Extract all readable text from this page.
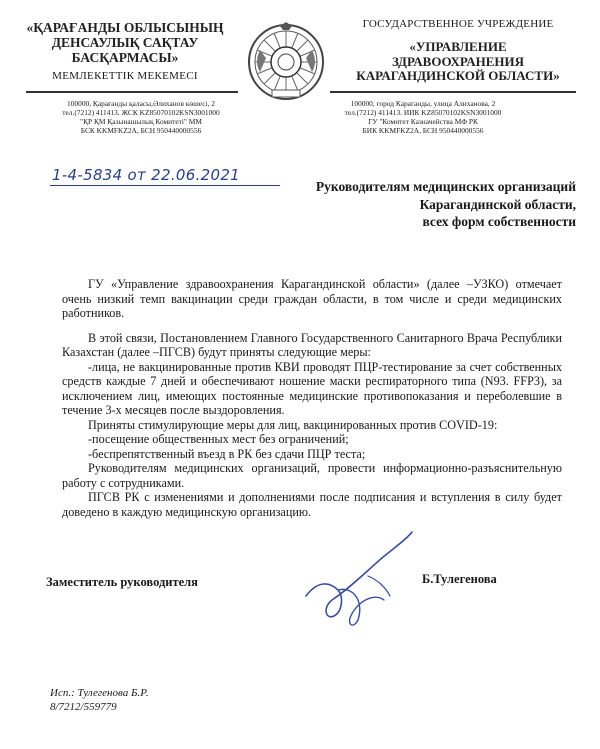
«ҚАРАҒАНДЫ ОБЛЫСЫНЫҢ
ДЕНСАУЛЫҚ САҚТАУ
БАСҚАРМАСЫ»
МЕМЛЕКЕТТІК МЕКЕМЕСІ
ГОСУДАРСТВЕННОЕ УЧРЕЖДЕНИЕ
«УПРАВЛЕНИЕ
ЗДРАВООХРАНЕНИЯ
КАРАГАНДИНСКОЙ ОБЛАСТИ»
100000, Қарағанды қаласы,Әлиханов көшесі, 2
тел.(7212) 411413. ЖСК KZ85070102KSN3001000
"ҚР ҚМ Қазынашылық Комитеті" ММ
БСК KKMFKZ2A, БСН 950440000556
100000, город Караганды, улица Алиханова, 2
тел.(7212) 411413. ИИК KZ85070102KSN3001000
ГУ "Комитет Казначейства МФ РК
БИК KKMFKZ2A, БСН 950440000556
1-4-5834 от 22.06.2021
Руководителям медицинских организаций
Карагандинской области,
всех форм собственности

ГУ «Управление здравоохранения Карагандинской области» (далее –УЗКО) отмечает очень низкий темп вакцинации среди граждан области, в том числе и среди медицинских работников.

В этой связи, Постановлением Главного Государственного Санитарного Врача Республики Казахстан (далее –ПГСВ) будут приняты следующие меры:

-лица, не вакцинированные против КВИ проводят ПЦР-тестирование за счет собственных средств каждые 7 дней и обеспечивают ношение маски респираторного типа (N93. FFP3), за исключением лиц, имеющих постоянные медицинские противопоказания и переболевшие в течение 3-х месяцев после выздоровления.

Приняты стимулирующие меры для лиц, вакцинированных против COVID-19:

-посещение общественных мест без ограничений;

-беспрепятственный въезд в РК без сдачи ПЦР теста;

Руководителям медицинских организаций, провести информационно-разъяснительную работу с сотрудниками.

ПГСВ РК с изменениями и дополнениями после подписания и вступления в силу будет доведено в каждую медицинскую организацию.

Заместитель руководителя	Б.Тулегенова
Исп.: Тулегенова Б.Р.
8/7212/559779
